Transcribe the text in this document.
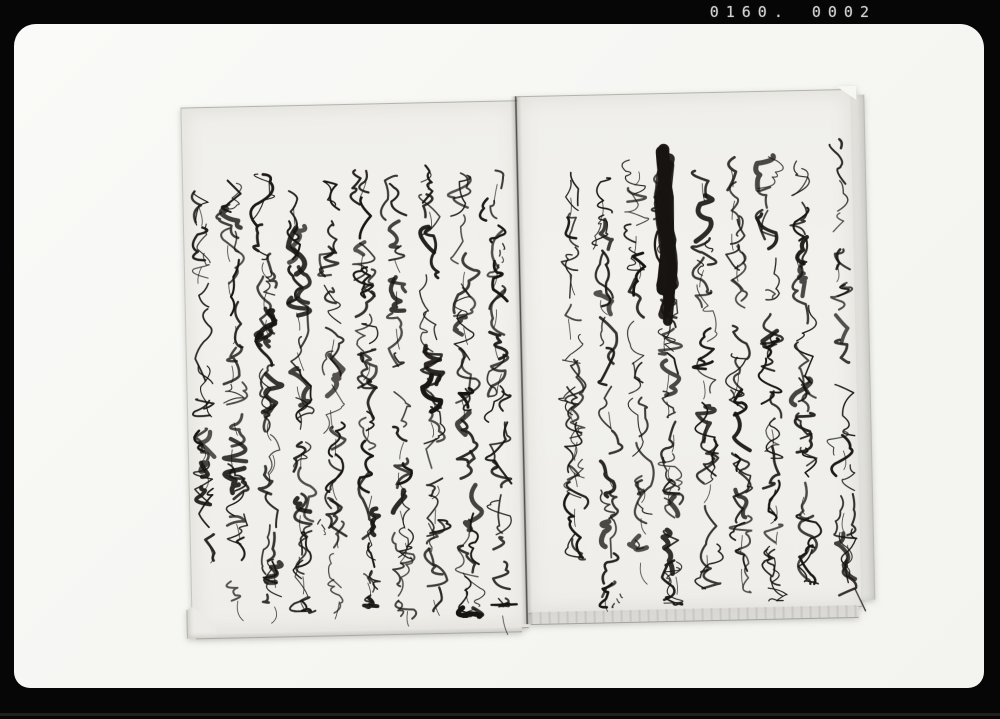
0160. 0002
